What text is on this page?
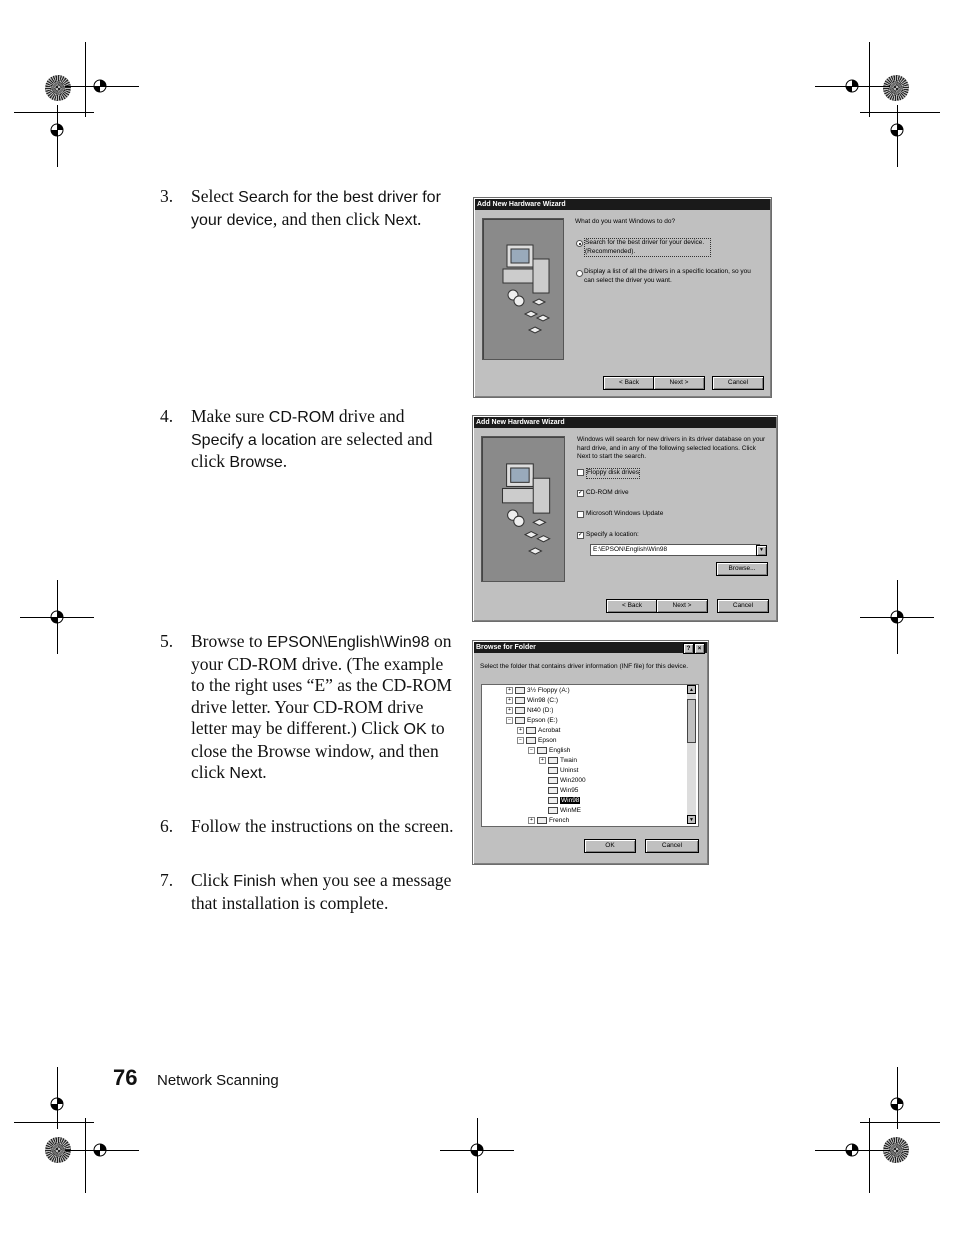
3. Select Search for the best driver for your device, and then click Next.
4. Make sure CD-ROM drive and Specify a location are selected and click Browse.
5. Browse to EPSON\English\Win98 on your CD-ROM drive. (The example to the right uses “E” as the CD-ROM drive letter. Your CD-ROM drive letter may be different.) Click OK to close the Browse window, and then click Next.
6. Follow the instructions on the screen.
7. Click Finish when you see a message that installation is complete.
Add New Hardware Wizard
What do you want Windows to do?
Search for the best driver for your device. (Recommended).
Display a list of all the drivers in a specific location, so you can select the driver you want.
< Back	Next >	Cancel
Add New Hardware Wizard
Windows will search for new drivers in its driver database on your hard drive, and in any of the following selected locations. Click Next to start the search.
Floppy disk drives
✓ CD-ROM drive
Microsoft Windows Update
✓ Specify a location:
E:\EPSON\English\Win98	▼
Browse...
< Back	Next >	Cancel
Browse for Folder	?	×
Select the folder that contains driver information (INF file) for this device.
+ 3½ Floppy (A:)
+ Win98 (C:)
+ Nt40 (D:)
− Epson (E:)
+ Acrobat
− Epson
− English
+ Twain
Uninst
Win2000
Win95
Win98
WinME
+ French
▲
▼
OK	Cancel
76 Network Scanning
